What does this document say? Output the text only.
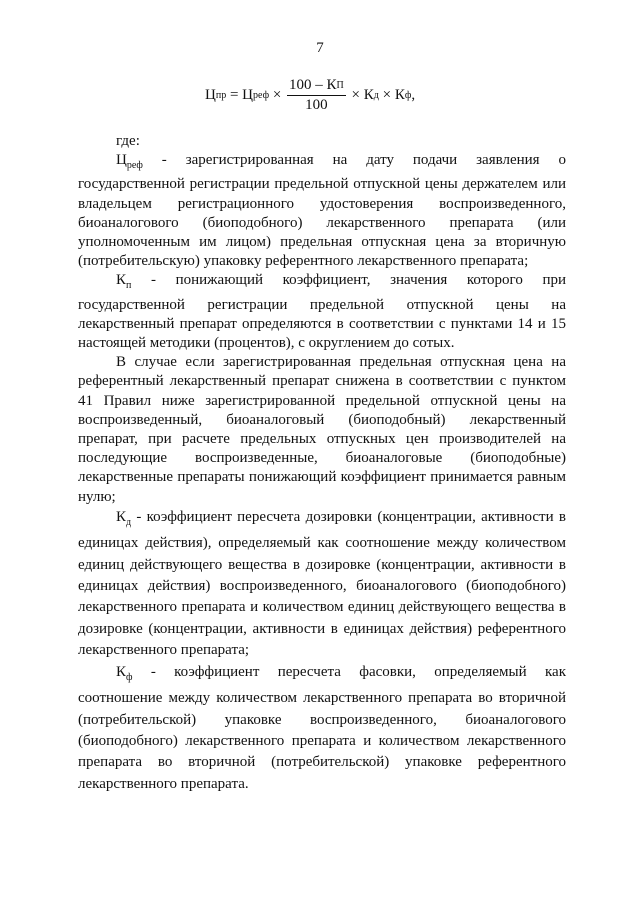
7
Цпр = Цреф × $\frac{100 - КП}{100}$ × Кд × Кф,

где:

$Ц_{реф}$ - зарегистрированная на дату подачи заявления о государственной регистрации предельной отпускной цены держателем или владельцем регистрационного удостоверения воспроизведенного, биоаналогового (биоподобного) лекарственного препарата (или уполномоченным им лицом) предельная отпускная цена за вторичную (потребительскую) упаковку референтного лекарственного препарата;

$К_п$ - понижающий коэффициент, значения которого при государственной регистрации предельной отпускной цены на лекарственный препарат определяются в соответствии с пунктами 14 и 15 настоящей методики (процентов), с округлением до сотых.

В случае если зарегистрированная предельная отпускная цена на референтный лекарственный препарат снижена в соответствии с пунктом 41 Правил ниже зарегистрированной предельной отпускной цены на воспроизведенный, биоаналоговый (биоподобный) лекарственный препарат, при расчете предельных отпускных цен производителей на последующие воспроизведенные, биоаналоговые (биоподобные) лекарственные препараты понижающий коэффициент принимается равным нулю;

$К_д$ - коэффициент пересчета дозировки (концентрации, активности в единицах действия), определяемый как соотношение между количеством единиц действующего вещества в дозировке (концентрации, активности в единицах действия) воспроизведенного, биоаналогового (биоподобного) лекарственного препарата и количеством единиц действующего вещества в дозировке (концентрации, активности в единицах действия) референтного лекарственного препарата;

$К_ф$ - коэффициент пересчета фасовки, определяемый как соотношение между количеством лекарственного препарата во вторичной (потребительской) упаковке воспроизведенного, биоаналогового (биоподобного) лекарственного препарата и количеством лекарственного препарата во вторичной (потребительской) упаковке референтного лекарственного препарата.
